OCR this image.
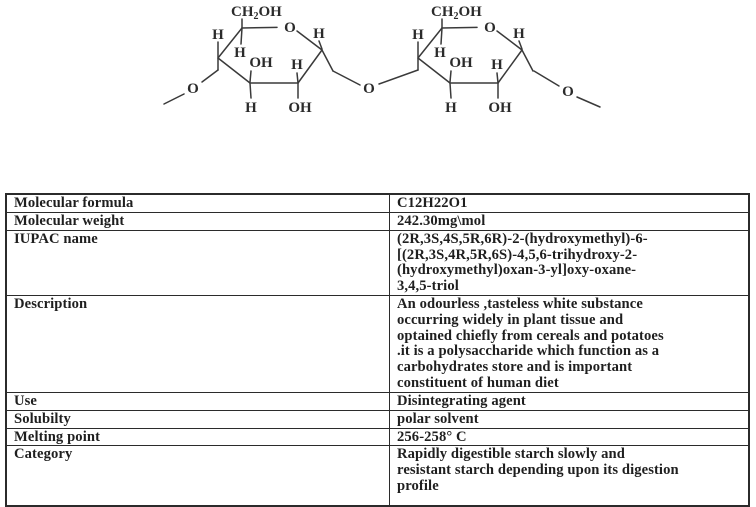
$CH_2OH$
O
H	H
H
OH H
H OH
O	O	O
Molecular formula	C12H22O1
Molecular weight	242.30mg\mol
IUPAC name	(2R,3S,4S,5R,6R)-2-(hydroxymethyl)-6-
[(2R,3S,4R,5R,6S)-4,5,6-trihydroxy-2-
(hydroxymethyl)oxan-3-yl]oxy-oxane-
3,4,5-triol
Description	An odourless ,tasteless white substance
occurring widely in plant tissue and
optained chiefly from cereals and potatoes
.it is a polysaccharide which function as a
carbohydrates store and is important
constituent of human diet
Use	Disintegrating agent
Solubilty	polar solvent
Melting point	256-258° C
Category	Rapidly digestible starch slowly and
resistant starch depending upon its digestion
profile
